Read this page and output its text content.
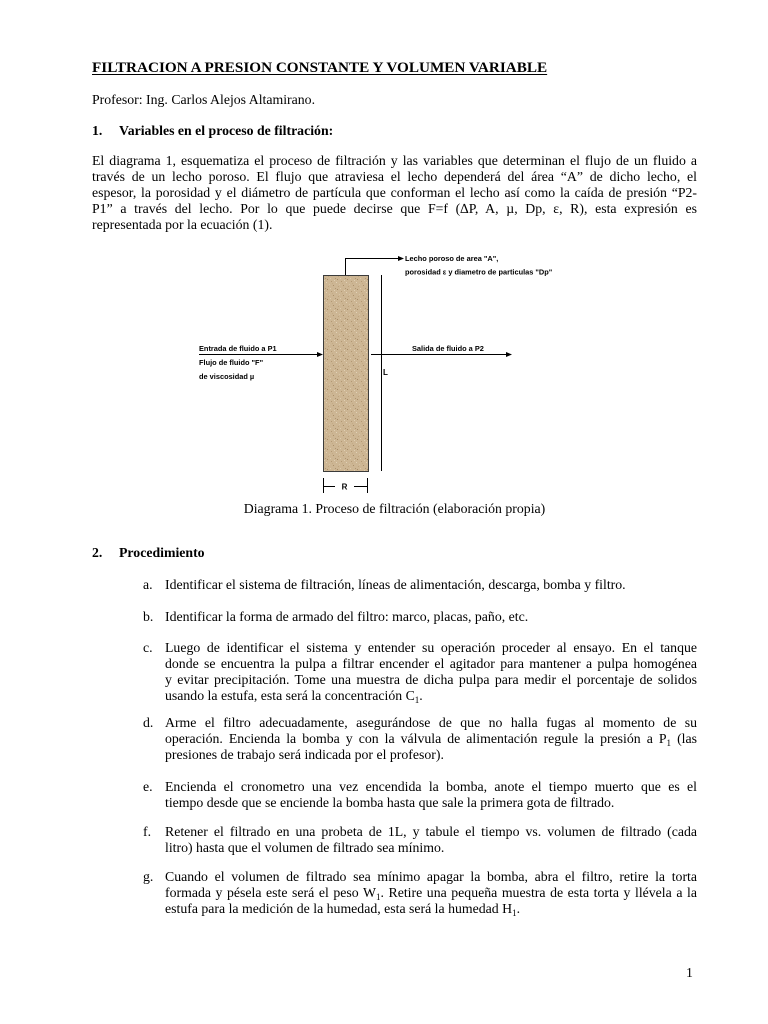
FILTRACION A PRESION CONSTANTE Y VOLUMEN VARIABLE
Profesor: Ing. Carlos Alejos Altamirano.
1. Variables en el proceso de filtración:
El diagrama 1, esquematiza el proceso de filtración y las variables que determinan el flujo de un fluido a
través de un lecho poroso. El flujo que atraviesa el lecho dependerá del área “A” de dicho lecho, el
espesor, la porosidad y el diámetro de partícula que conforman el lecho así como la caída de presión “P2-
P1” a través del lecho. Por lo que puede decirse que F=f (∆P, A, µ, Dp, ε, R), esta expresión es
representada por la ecuación (1).
Lecho poroso de area "A",
porosidad ε y diametro de particulas "Dp"
Entrada de fluido a P1
Flujo de fluido "F"
de viscosidad µ
Salida de fluido a P2
L
R
Diagrama 1. Proceso de filtración (elaboración propia)
2. Procedimiento
a. Identificar el sistema de filtración, líneas de alimentación, descarga, bomba y filtro.
b. Identificar la forma de armado del filtro: marco, placas, paño, etc.
c. Luego de identificar el sistema y entender su operación proceder al ensayo. En el tanque
donde se encuentra la pulpa a filtrar encender el agitador para mantener a pulpa homogénea
y evitar precipitación. Tome una muestra de dicha pulpa para medir el porcentaje de solidos
usando la estufa, esta será la concentración $C_1$.
d. Arme el filtro adecuadamente, asegurándose de que no halla fugas al momento de su
operación. Encienda la bomba y con la válvula de alimentación regule la presión a $P_1$ (las
presiones de trabajo será indicada por el profesor).
e. Encienda el cronometro una vez encendida la bomba, anote el tiempo muerto que es el
tiempo desde que se enciende la bomba hasta que sale la primera gota de filtrado.
f. Retener el filtrado en una probeta de 1L, y tabule el tiempo vs. volumen de filtrado (cada
litro) hasta que el volumen de filtrado sea mínimo.
g. Cuando el volumen de filtrado sea mínimo apagar la bomba, abra el filtro, retire la torta
formada y pésela este será el peso $W_1$. Retire una pequeña muestra de esta torta y llévela a la
estufa para la medición de la humedad, esta será la humedad $H_1$.
1
